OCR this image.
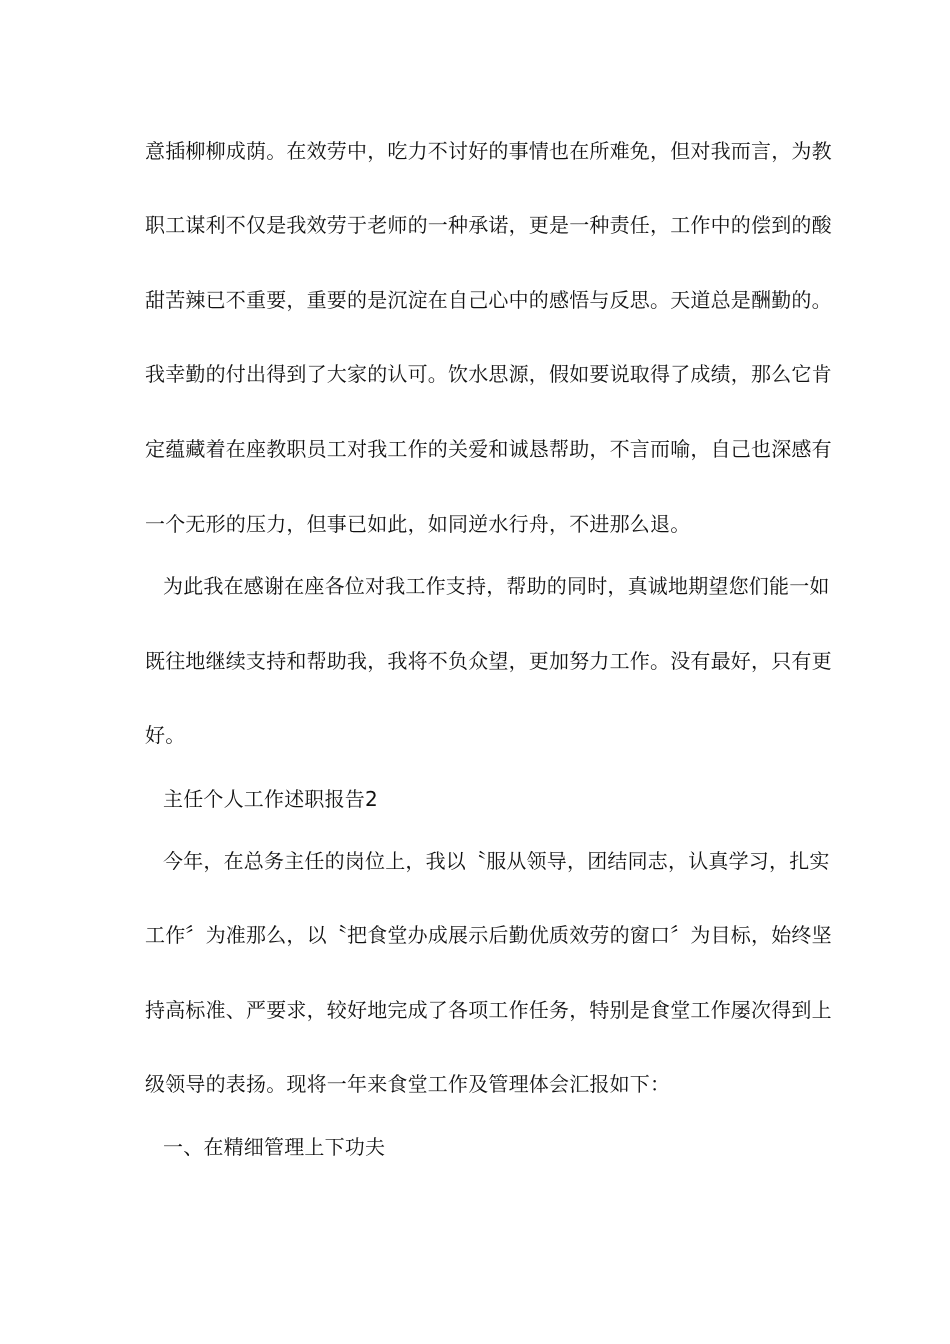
意插柳柳成荫。在效劳中，吃力不讨好的事情也在所难免，但对我而言，为教
职工谋利不仅是我效劳于老师的一种承诺，更是一种责任，工作中的偿到的酸
甜苦辣已不重要，重要的是沉淀在自己心中的感悟与反思。天道总是酬勤的。
我幸勤的付出得到了大家的认可。饮水思源，假如要说取得了成绩，那么它肯
定蕴藏着在座教职员工对我工作的关爱和诚恳帮助，不言而喻，自己也深感有
一个无形的压力，但事已如此，如同逆水行舟，不进那么退。
为此我在感谢在座各位对我工作支持，帮助的同时，真诚地期望您们能一如
既往地继续支持和帮助我，我将不负众望，更加努力工作。没有最好，只有更
好。
主任个人工作述职报告2
今年，在总务主任的岗位上，我以〝服从领导，团结同志，认真学习，扎实
工作〞为准那么，以〝把食堂办成展示后勤优质效劳的窗口〞为目标，始终坚
持高标准、严要求，较好地完成了各项工作任务，特别是食堂工作屡次得到上
级领导的表扬。现将一年来食堂工作及管理体会汇报如下：
一、在精细管理上下功夫
